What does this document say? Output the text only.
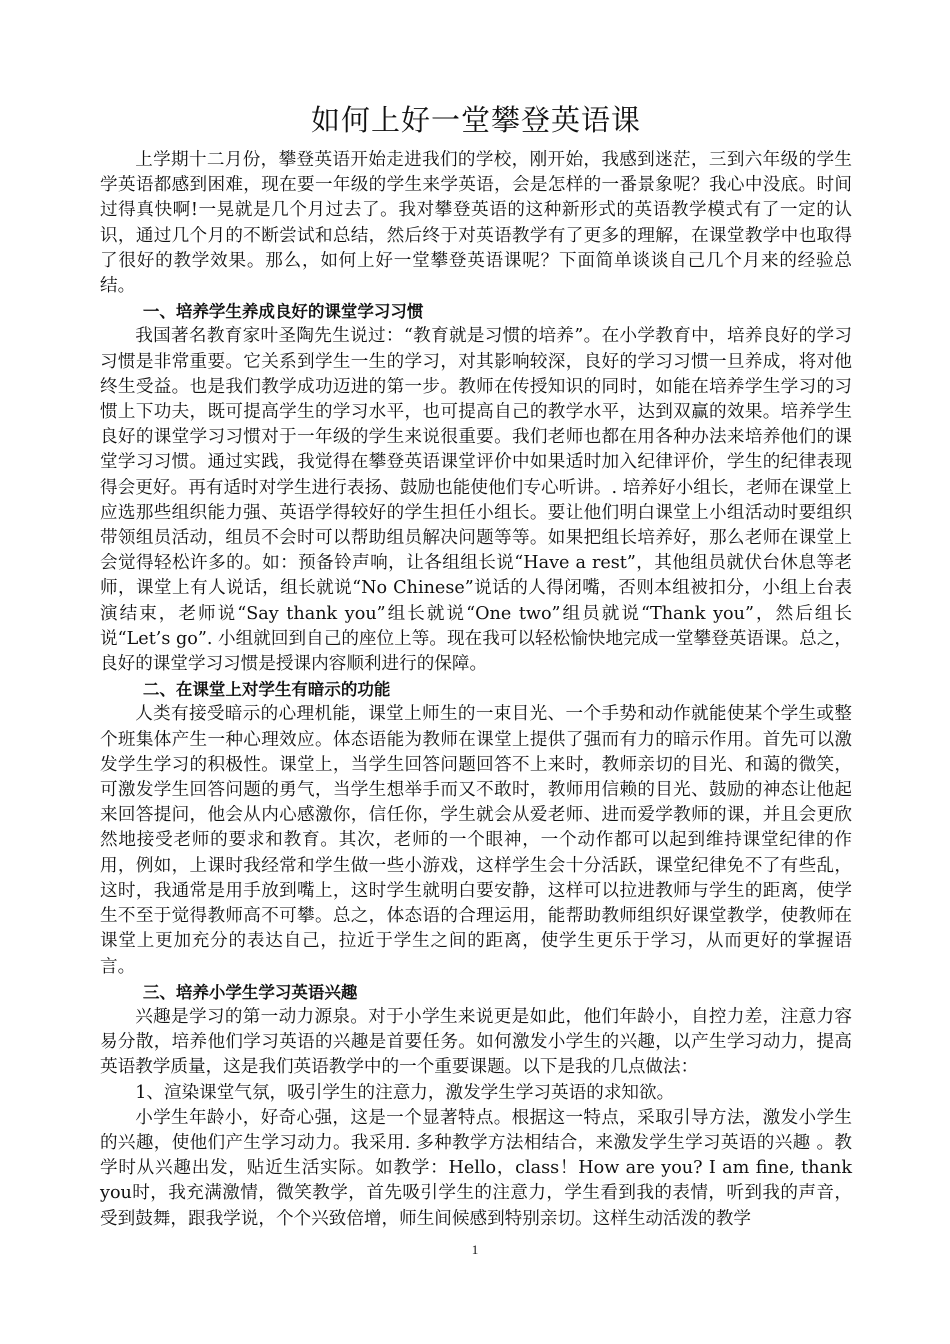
如何上好一堂攀登英语课

上学期十二月份，攀登英语开始走进我们的学校，刚开始，我感到迷茫，三到六年级的学生学英语都感到困难，现在要一年级的学生来学英语，会是怎样的一番景象呢？我心中没底。时间过得真快啊!一晃就是几个月过去了。我对攀登英语的这种新形式的英语教学模式有了一定的认识，通过几个月的不断尝试和总结，然后终于对英语教学有了更多的理解，在课堂教学中也取得了很好的教学效果。那么，如何上好一堂攀登英语课呢？下面简单谈谈自己几个月来的经验总结。

一、培养学生养成良好的课堂学习习惯

我国著名教育家叶圣陶先生说过：“教育就是习惯的培养”。在小学教育中，培养良好的学习习惯是非常重要。它关系到学生一生的学习，对其影响较深，良好的学习习惯一旦养成，将对他终生受益。也是我们教学成功迈进的第一步。教师在传授知识的同时，如能在培养学生学习的习惯上下功夫，既可提高学生的学习水平，也可提高自己的教学水平，达到双赢的效果。培养学生良好的课堂学习习惯对于一年级的学生来说很重要。我们老师也都在用各种办法来培养他们的课堂学习习惯。通过实践，我觉得在攀登英语课堂评价中如果适时加入纪律评价，学生的纪律表现得会更好。再有适时对学生进行表扬、鼓励也能使他们专心听讲。. 培养好小组长，老师在课堂上应选那些组织能力强、英语学得较好的学生担任小组长。要让他们明白课堂上小组活动时要组织带领组员活动，组员不会时可以帮助组员解决问题等等。如果把组长培养好，那么老师在课堂上会觉得轻松许多的。如：预备铃声响，让各组组长说“Have a rest”，其他组员就伏台休息等老师，课堂上有人说话，组长就说“No Chinese”说话的人得闭嘴，否则本组被扣分，小组上台表演结束，老师说“Say thank you”组长就说“One two”组员就说“Thank you”，然后组长说“Let’s go”. 小组就回到自己的座位上等。现在我可以轻松愉快地完成一堂攀登英语课。总之，良好的课堂学习习惯是授课内容顺利进行的保障。

二、在课堂上对学生有暗示的功能

人类有接受暗示的心理机能，课堂上师生的一束目光、一个手势和动作就能使某个学生或整个班集体产生一种心理效应。体态语能为教师在课堂上提供了强而有力的暗示作用。首先可以激发学生学习的积极性。课堂上，当学生回答问题回答不上来时，教师亲切的目光、和蔼的微笑，可激发学生回答问题的勇气，当学生想举手而又不敢时，教师用信赖的目光、鼓励的神态让他起来回答提问，他会从内心感激你，信任你，学生就会从爱老师、进而爱学教师的课，并且会更欣然地接受老师的要求和教育。其次，老师的一个眼神，一个动作都可以起到维持课堂纪律的作用，例如，上课时我经常和学生做一些小游戏，这样学生会十分活跃，课堂纪律免不了有些乱，这时，我通常是用手放到嘴上，这时学生就明白要安静，这样可以拉进教师与学生的距离，使学生不至于觉得教师高不可攀。总之，体态语的合理运用，能帮助教师组织好课堂教学，使教师在课堂上更加充分的表达自己，拉近于学生之间的距离，使学生更乐于学习，从而更好的掌握语言。

三、培养小学生学习英语兴趣

兴趣是学习的第一动力源泉。对于小学生来说更是如此，他们年龄小，自控力差，注意力容易分散，培养他们学习英语的兴趣是首要任务。如何激发小学生的兴趣，以产生学习动力，提高英语教学质量，这是我们英语教学中的一个重要课题。以下是我的几点做法：

1、渲染课堂气氛，吸引学生的注意力，激发学生学习英语的求知欲。

小学生年龄小，好奇心强，这是一个显著特点。根据这一特点，采取引导方法，激发小学生的兴趣，使他们产生学习动力。我采用. 多种教学方法相结合，来激发学生学习英语的兴趣 。教学时从兴趣出发，贴近生活实际。如教学：Hello，class！How are you? I am fine, thank you时，我充满激情，微笑教学，首先吸引学生的注意力，学生看到我的表情，听到我的声音，受到鼓舞，跟我学说，个个兴致倍增，师生间候感到特别亲切。这样生动活泼的教学

1
